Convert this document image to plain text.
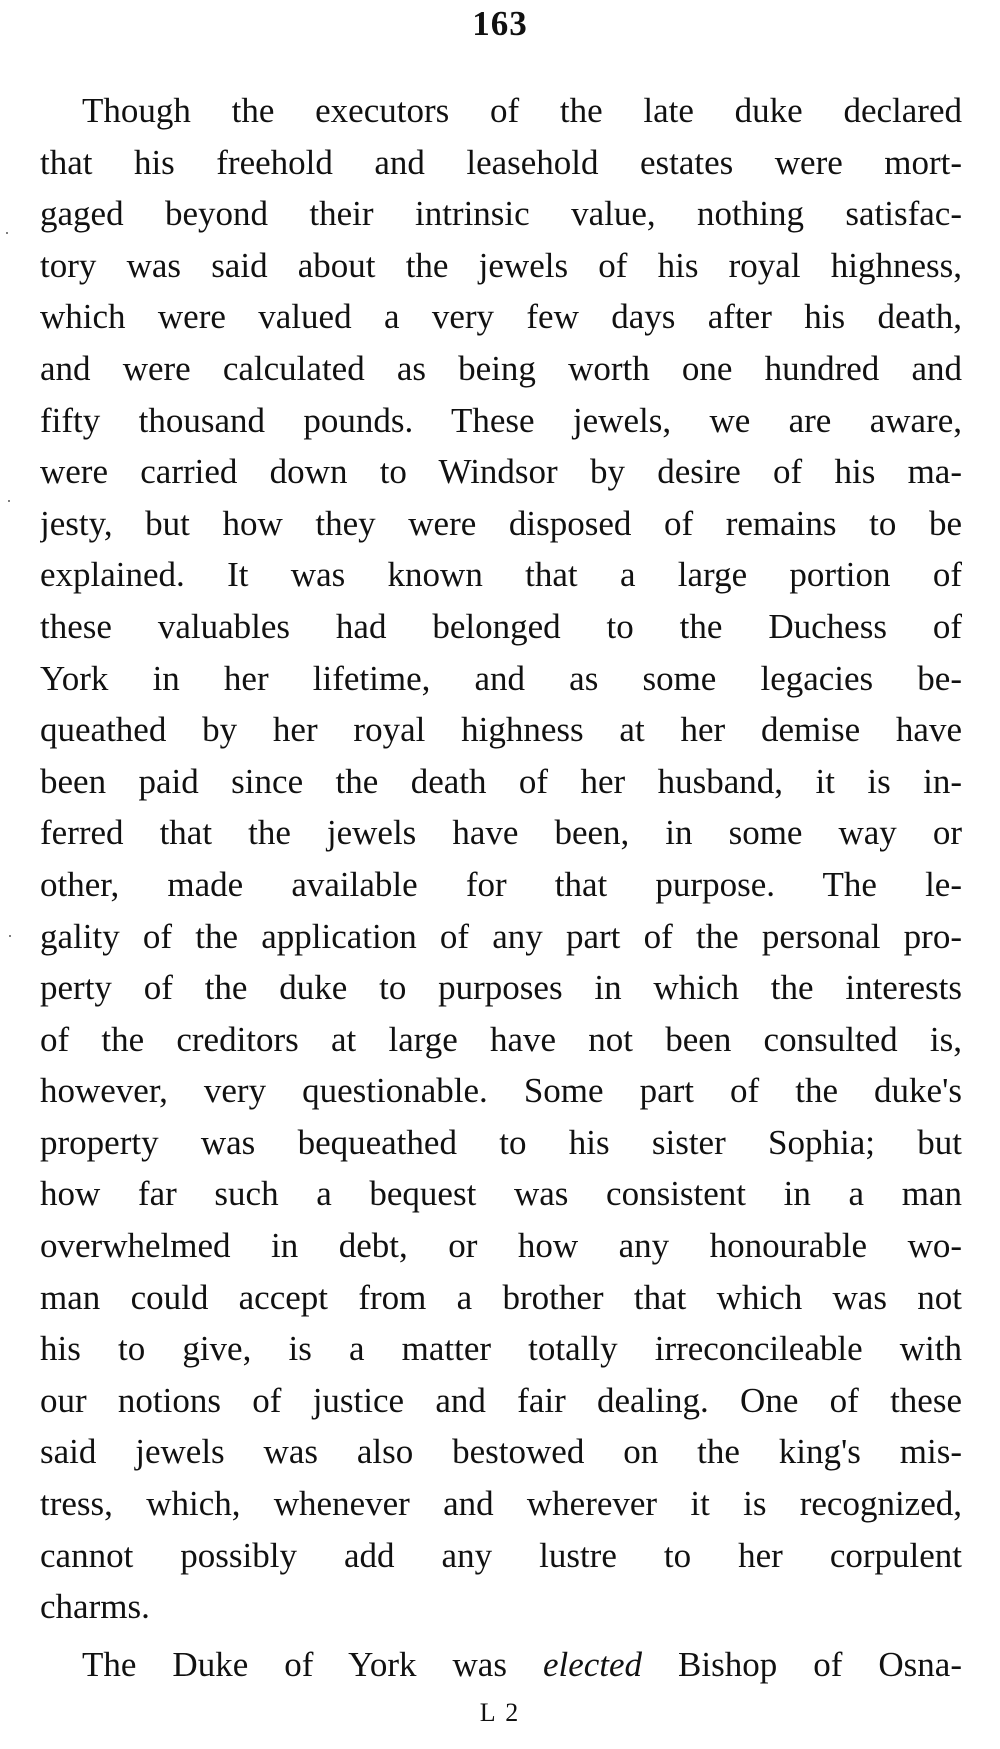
163
Though the executors of the late duke declared
that his freehold and leasehold estates were mort-
gaged beyond their intrinsic value, nothing satisfac-
tory was said about the jewels of his royal highness,
which were valued a very few days after his death,
and were calculated as being worth one hundred and
fifty thousand pounds. These jewels, we are aware,
were carried down to Windsor by desire of his ma-
jesty, but how they were disposed of remains to be
explained. It was known that a large portion of
these valuables had belonged to the Duchess of
York in her lifetime, and as some legacies be-
queathed by her royal highness at her demise have
been paid since the death of her husband, it is in-
ferred that the jewels have been, in some way or
other, made available for that purpose. The le-
gality of the application of any part of the personal pro-
perty of the duke to purposes in which the interests
of the creditors at large have not been consulted is,
however, very questionable. Some part of the duke's
property was bequeathed to his sister Sophia; but
how far such a bequest was consistent in a man
overwhelmed in debt, or how any honourable wo-
man could accept from a brother that which was not
his to give, is a matter totally irreconcileable with
our notions of justice and fair dealing. One of these
said jewels was also bestowed on the king's mis-
tress, which, whenever and wherever it is recognized,
cannot possibly add any lustre to her corpulent
charms.
The Duke of York was elected Bishop of Osna-
L 2
